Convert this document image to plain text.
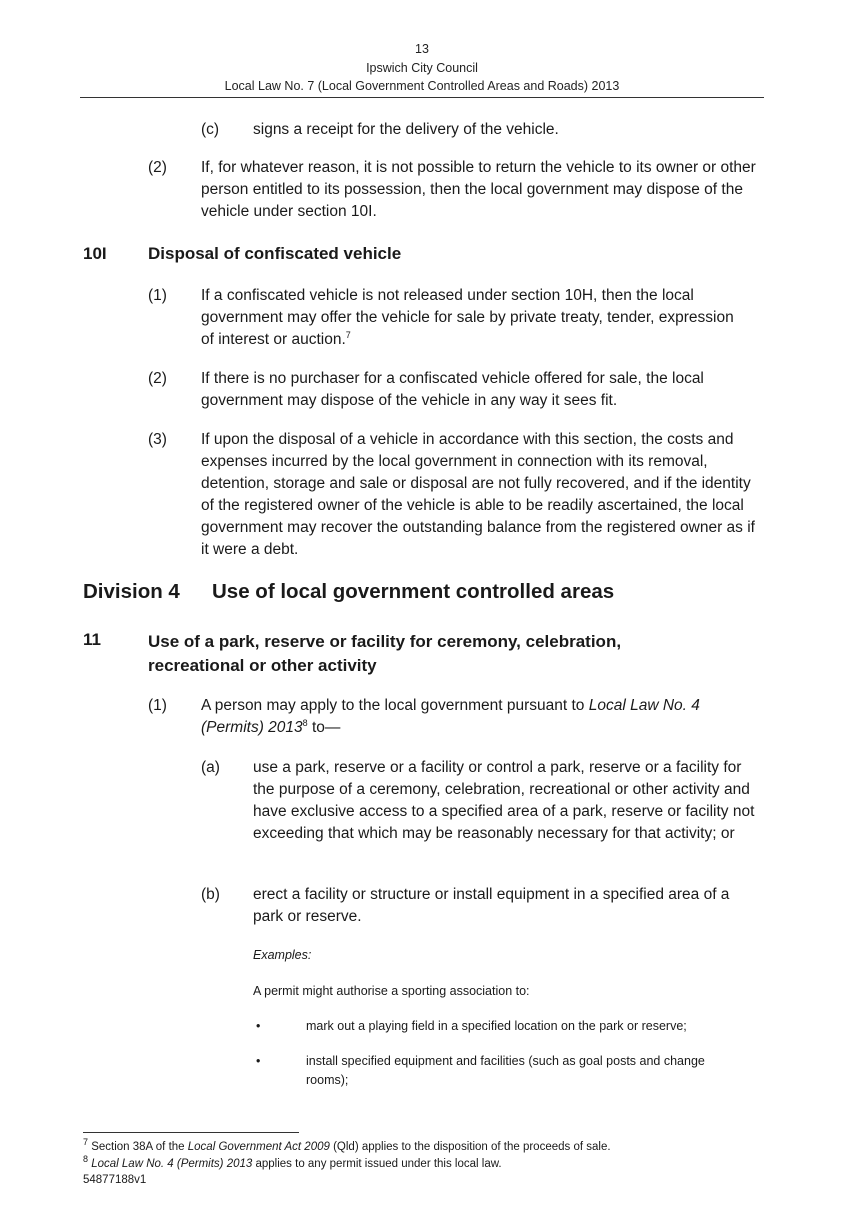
13
Ipswich City Council
Local Law No. 7 (Local Government Controlled Areas and Roads) 2013
(c) signs a receipt for the delivery of the vehicle.
(2) If, for whatever reason, it is not possible to return the vehicle to its owner or other person entitled to its possession, then the local government may dispose of the vehicle under section 10I.
10I Disposal of confiscated vehicle
(1) If a confiscated vehicle is not released under section 10H, then the local government may offer the vehicle for sale by private treaty, tender, expression of interest or auction.$^7$
(2) If there is no purchaser for a confiscated vehicle offered for sale, the local government may dispose of the vehicle in any way it sees fit.
(3) If upon the disposal of a vehicle in accordance with this section, the costs and expenses incurred by the local government in connection with its removal, detention, storage and sale or disposal are not fully recovered, and if the identity of the registered owner of the vehicle is able to be readily ascertained, the local government may recover the outstanding balance from the registered owner as if it were a debt.
Division 4 Use of local government controlled areas
11	Use of a park, reserve or facility for ceremony, celebration, recreational or other activity
(1) A person may apply to the local government pursuant to Local Law No. 4 (Permits) 2013$^8$ to—
(a) use a park, reserve or a facility or control a park, reserve or a facility for the purpose of a ceremony, celebration, recreational or other activity and have exclusive access to a specified area of a park, reserve or facility not exceeding that which may be reasonably necessary for that activity; or
(b) erect a facility or structure or install equipment in a specified area of a park or reserve.
Examples:
A permit might authorise a sporting association to:
•	mark out a playing field in a specified location on the park or reserve;
•	install specified equipment and facilities (such as goal posts and change rooms);
$^7$ Section 38A of the Local Government Act 2009 (Qld) applies to the disposition of the proceeds of sale.
$^8$ Local Law No. 4 (Permits) 2013 applies to any permit issued under this local law.
54877188v1
